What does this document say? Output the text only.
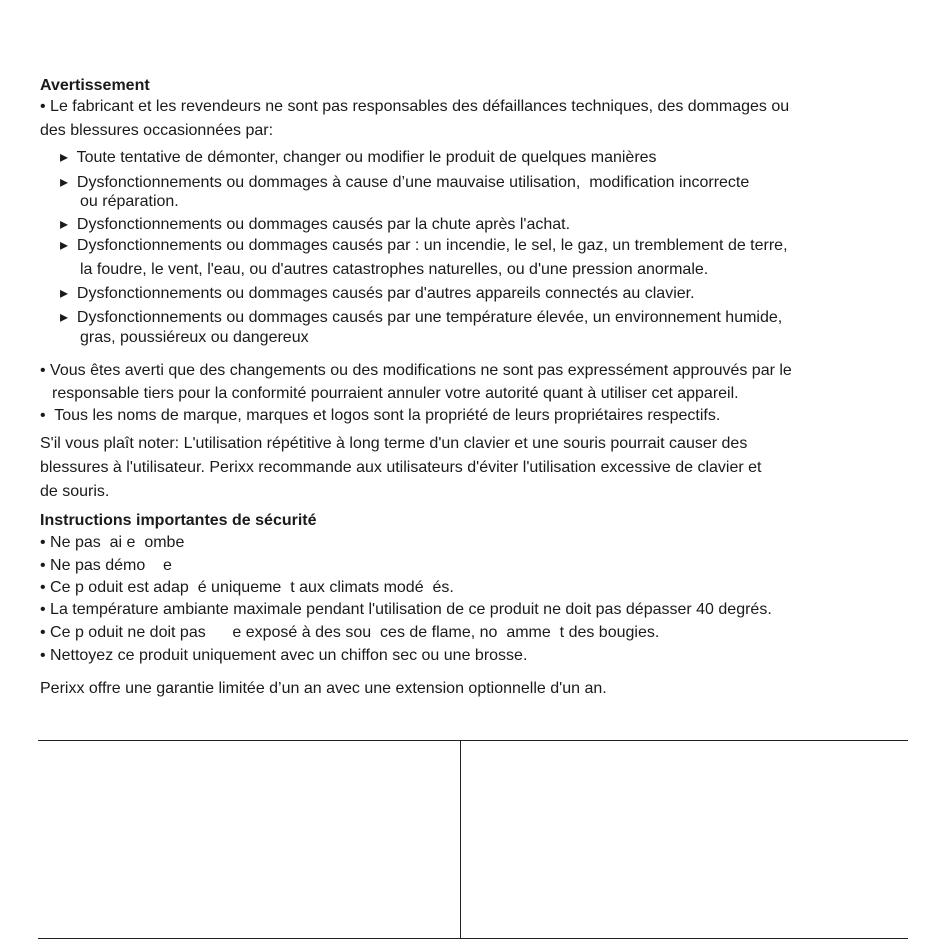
Avertissement
• Le fabricant et les revendeurs ne sont pas responsables des défaillances techniques, des dommages ou
des blessures occasionnées par:
▸  Toute tentative de démonter, changer ou modifier le produit de quelques manières
▸  Dysfonctionnements ou dommages à cause d’une mauvaise utilisation,  modification incorrecte
ou réparation.
▸  Dysfonctionnements ou dommages causés par la chute après l'achat.
▸  Dysfonctionnements ou dommages causés par : un incendie, le sel, le gaz, un tremblement de terre,
la foudre, le vent, l'eau, ou d'autres catastrophes naturelles, ou d'une pression anormale.
▸  Dysfonctionnements ou dommages causés par d'autres appareils connectés au clavier.
▸  Dysfonctionnements ou dommages causés par une température élevée, un environnement humide,
gras, poussiéreux ou dangereux
• Vous êtes averti que des changements ou des modifications ne sont pas expressément approuvés par le
responsable tiers pour la conformité pourraient annuler votre autorité quant à utiliser cet appareil.
•  Tous les noms de marque, marques et logos sont la propriété de leurs propriétaires respectifs.
S'il vous plaît noter: L'utilisation répétitive à long terme d'un clavier et une souris pourrait causer des
blessures à l'utilisateur. Perixx recommande aux utilisateurs d'éviter l'utilisation excessive de clavier et
de souris.
Instructions importantes de sécurité
• Ne pas  ai e  ombe
• Ne pas démo    e
• Ce p oduit est adap  é uniqueme  t aux climats modé  és.
• La température ambiante maximale pendant l'utilisation de ce produit ne doit pas dépasser 40 degrés.
• Ce p oduit ne doit pas      e exposé à des sou  ces de flame, no  amme  t des bougies.
• Nettoyez ce produit uniquement avec un chiffon sec ou une brosse.
Perixx offre une garantie limitée d’un an avec une extension optionnelle d'un an.
